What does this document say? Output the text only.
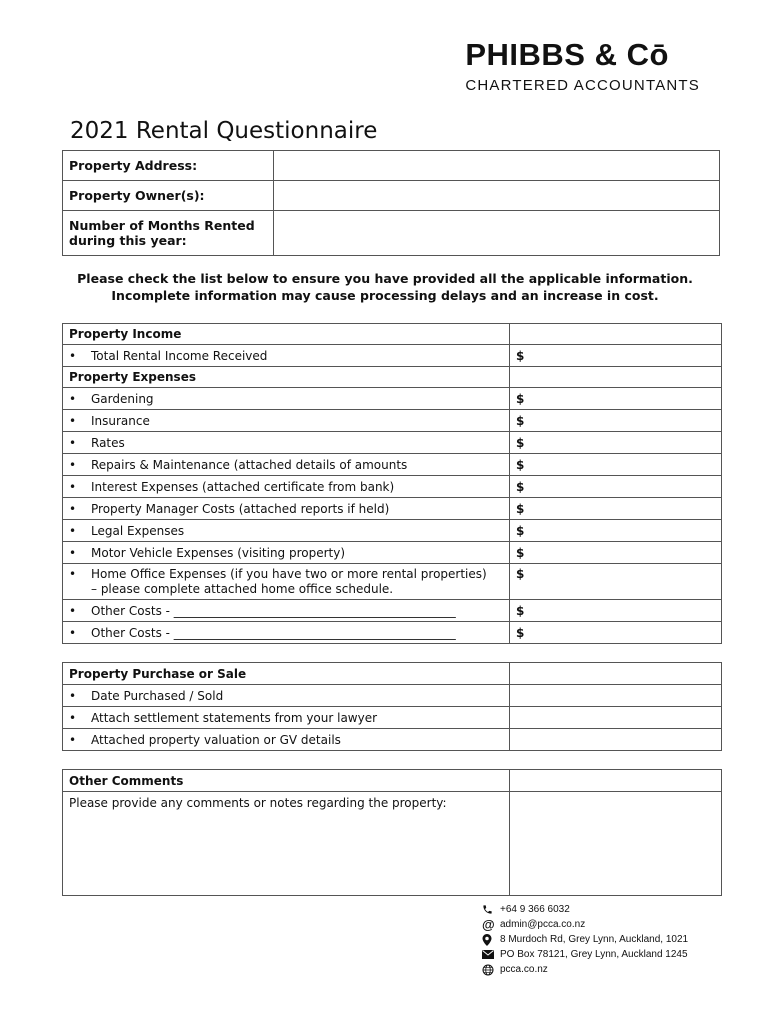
PHIBBS & Cō
CHARTERED ACCOUNTANTS
2021 Rental Questionnaire
Property Address:	
Property Owner(s):	
Number of Months Rented during this year:	
Please check the list below to ensure you have provided all the applicable information.
Incomplete information may cause processing delays and an increase in cost.
Property Income	
• Total Rental Income Received	$
Property Expenses	
• Gardening	$
• Insurance	$
• Rates	$
• Repairs & Maintenance (attached details of amounts	$
• Interest Expenses (attached certificate from bank)	$
• Property Manager Costs (attached reports if held)	$
• Legal Expenses	$
• Motor Vehicle Expenses (visiting property)	$

• Home Office Expenses (if you have two or more rental properties)
– please complete attached home office schedule.	$
• Other Costs - _______________________________________________	$
• Other Costs - _______________________________________________	$
Property Purchase or Sale	
• Date Purchased / Sold	
• Attach settlement statements from your lawyer	
• Attached property valuation or GV details	
Other Comments	
Please provide any comments or notes regarding the property:	
+64 9 366 6032
@ admin@pcca.co.nz
8 Murdoch Rd, Grey Lynn, Auckland, 1021
PO Box 78121, Grey Lynn, Auckland 1245
pcca.co.nz
